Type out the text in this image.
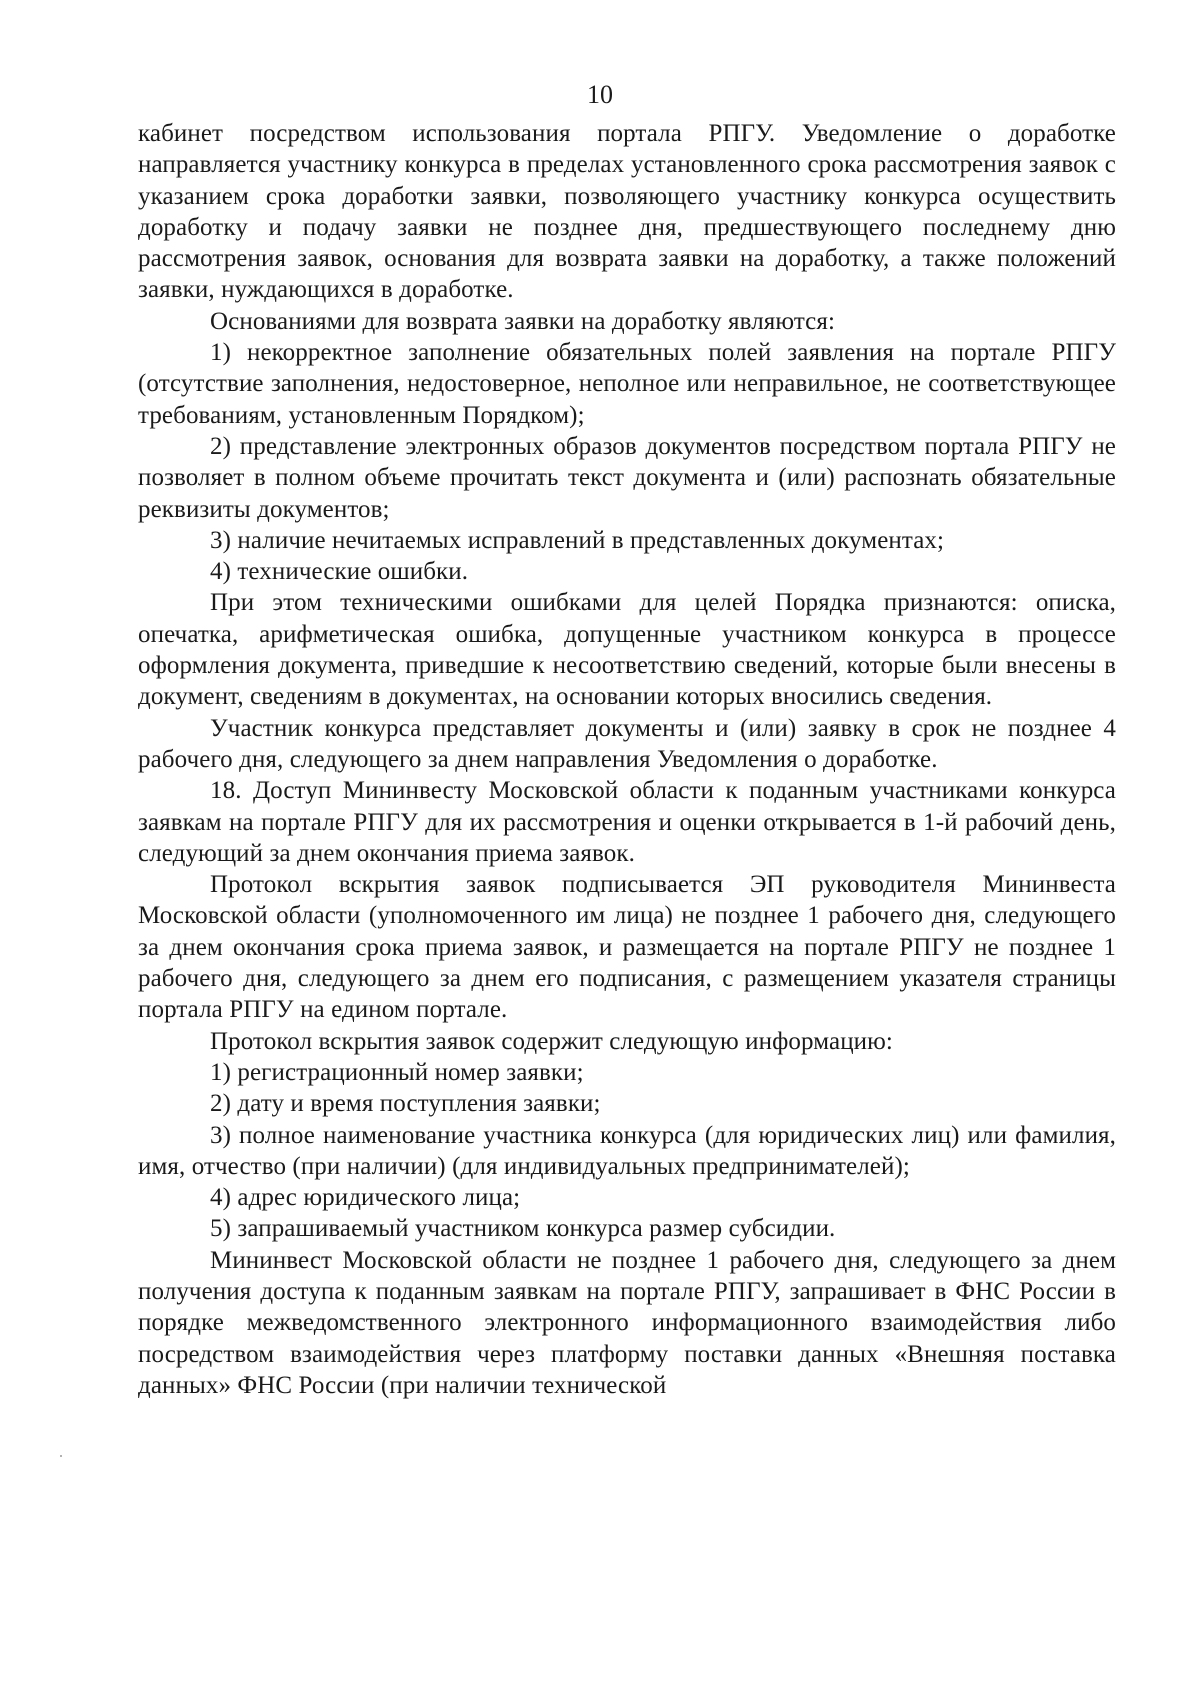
10

кабинет посредством использования портала РПГУ. Уведомление о доработке направляется участнику конкурса в пределах установленного срока рассмотрения заявок с указанием срока доработки заявки, позволяющего участнику конкурса осуществить доработку и подачу заявки не позднее дня, предшествующего последнему дню рассмотрения заявок, основания для возврата заявки на доработку, а также положений заявки, нуждающихся в доработке.

Основаниями для возврата заявки на доработку являются:

1) некорректное заполнение обязательных полей заявления на портале РПГУ (отсутствие заполнения, недостоверное, неполное или неправильное, не соответствующее требованиям, установленным Порядком);

2) представление электронных образов документов посредством портала РПГУ не позволяет в полном объеме прочитать текст документа и (или) распознать обязательные реквизиты документов;

3) наличие нечитаемых исправлений в представленных документах;

4) технические ошибки.

При этом техническими ошибками для целей Порядка признаются: описка, опечатка, арифметическая ошибка, допущенные участником конкурса в процессе оформления документа, приведшие к несоответствию сведений, которые были внесены в документ, сведениям в документах, на основании которых вносились сведения.

Участник конкурса представляет документы и (или) заявку в срок не позднее 4 рабочего дня, следующего за днем направления Уведомления о доработке.

18. Доступ Мининвесту Московской области к поданным участниками конкурса заявкам на портале РПГУ для их рассмотрения и оценки открывается в 1-й рабочий день, следующий за днем окончания приема заявок.

Протокол вскрытия заявок подписывается ЭП руководителя Мининвеста Московской области (уполномоченного им лица) не позднее 1 рабочего дня, следующего за днем окончания срока приема заявок, и размещается на портале РПГУ не позднее 1 рабочего дня, следующего за днем его подписания, с размещением указателя страницы портала РПГУ на едином портале.

Протокол вскрытия заявок содержит следующую информацию:

1) регистрационный номер заявки;

2) дату и время поступления заявки;

3) полное наименование участника конкурса (для юридических лиц) или фамилия, имя, отчество (при наличии) (для индивидуальных предпринимателей);

4) адрес юридического лица;

5) запрашиваемый участником конкурса размер субсидии.

Мининвест Московской области не позднее 1 рабочего дня, следующего за днем получения доступа к поданным заявкам на портале РПГУ, запрашивает в ФНС России в порядке межведомственного электронного информационного взаимодействия либо посредством взаимодействия через платформу поставки данных «Внешняя поставка данных» ФНС России (при наличии технической
